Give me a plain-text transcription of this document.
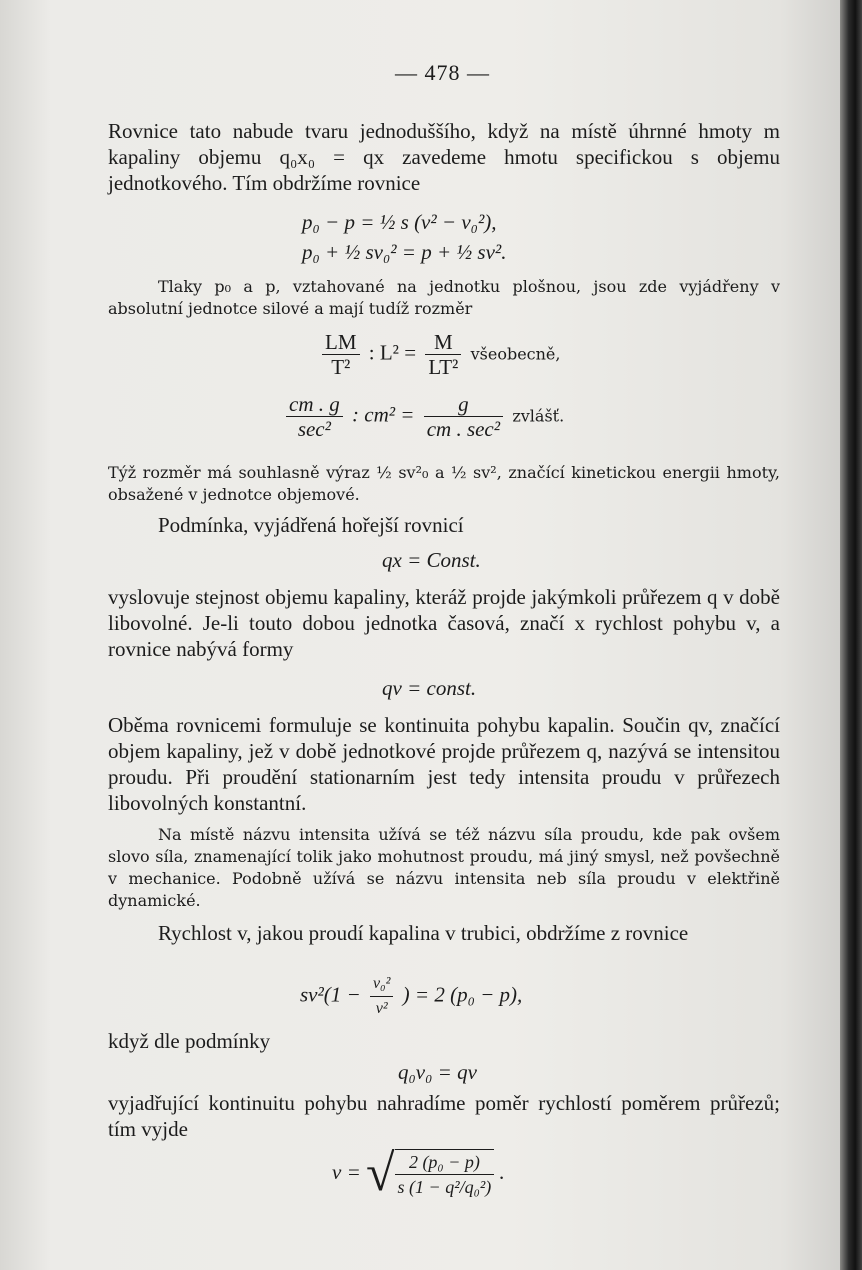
— 478 —
Rovnice tato nabude tvaru jednoduššího, když na místě úhrnné hmoty m kapaliny objemu q₀x₀ = qx zavedeme hmotu specifickou s objemu jednotkového. Tím obdržíme rovnice
p₀ − p = ½ s (v² − v₀²),
p₀ + ½ sv₀² = p + ½ sv².
Tlaky p₀ a p, vztahované na jednotku plošnou, jsou zde vyjádřeny v absolutní jednotce silové a mají tudíž rozměr
$\frac{LM}{\text{T²}}$ : $L^2 = \frac{M}{\text{LT²}}$ všeobecně,
$\frac{cm . g}{\text{sec²}}$ : $cm^2 = \frac{g}{\text{cm . sec²}}$ zvlášť.
Týž rozměr má souhlasně výraz ½ sv²₀ a ½ sv², značící kinetickou energii hmoty, obsažené v jednotce objemové.
Podmínka, vyjádřená hořejší rovnicí
qx = Const.
vyslovuje stejnost objemu kapaliny, kteráž projde jakýmkoli průřezem q v době libovolné. Je-li touto dobou jednotka časová, značí x rychlost pohybu v, a rovnice nabývá formy
qv = const.
Oběma rovnicemi formuluje se kontinuita pohybu kapalin. Součin qv, značící objem kapaliny, jež v době jednotkové projde průřezem q, nazývá se intensitou proudu. Při proudění stationarním jest tedy intensita proudu v průřezech libovolných konstantní.
Na místě názvu intensita užívá se též názvu síla proudu, kde pak ovšem slovo síla, znamenající tolik jako mohutnost proudu, má jiný smysl, než povšechně v mechanice. Podobně užívá se názvu intensita neb síla proudu v elektřině dynamické.
Rychlost v, jakou proudí kapalina v trubici, obdržíme z rovnice
$sv^2(1 - \frac{\text{v₀²}}{\text{v²}}$ ) = 2 (p₀ − p),
když dle podmínky
q₀v₀ = qv
vyjadřující kontinuitu pohybu nahradíme poměr rychlostí poměrem průřezů; tím vyjde
v = √ $\frac{\text{2 (p₀ − p)}}{\text{s (1 − q²/q₀²)}}$ .
